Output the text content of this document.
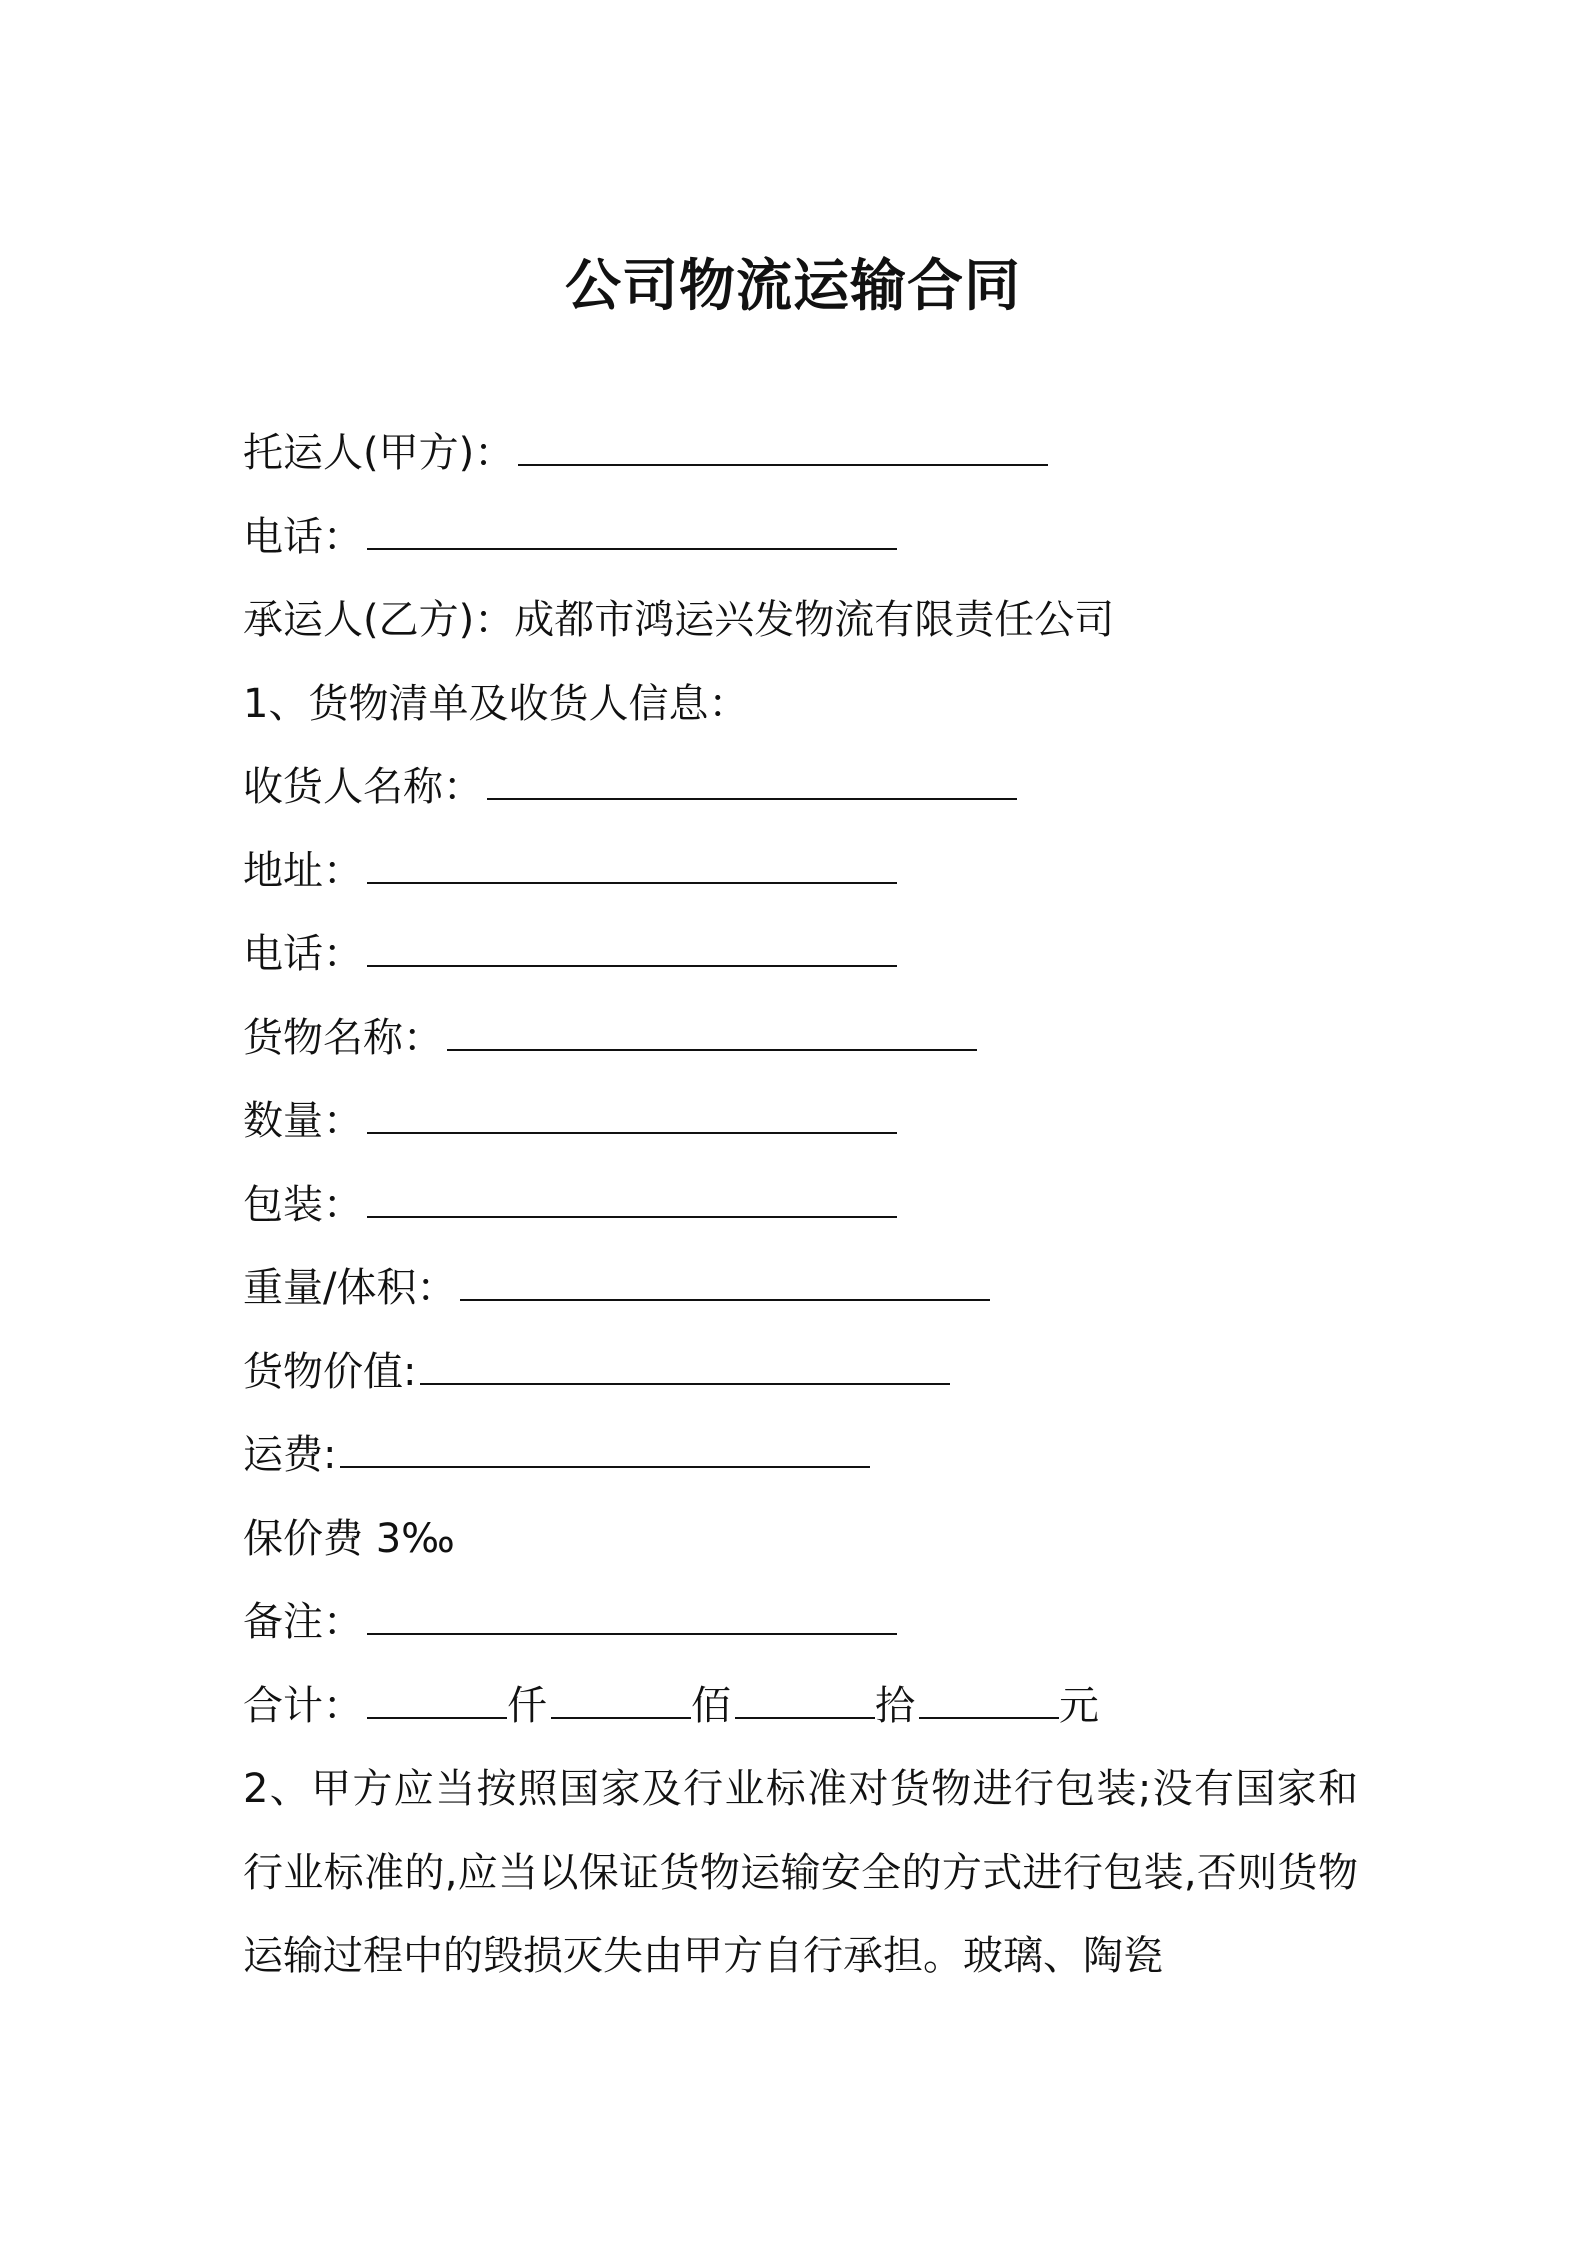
公司物流运输合同
托运人(甲方)：
电话：
承运人(乙方)：成都市鸿运兴发物流有限责任公司
1、货物清单及收货人信息：
收货人名称：
地址：
电话：
货物名称：
数量：
包装：
重量/体积：
货物价值:
运费:
保价费 3‰
备注：
合计：	仟	佰	拾	元
2、甲方应当按照国家及行业标准对货物进行包装;没有国家和行业标准的,应当以保证货物运输安全的方式进行包装,否则货物运输过程中的毁损灭失由甲方自行承担。玻璃、陶瓷
